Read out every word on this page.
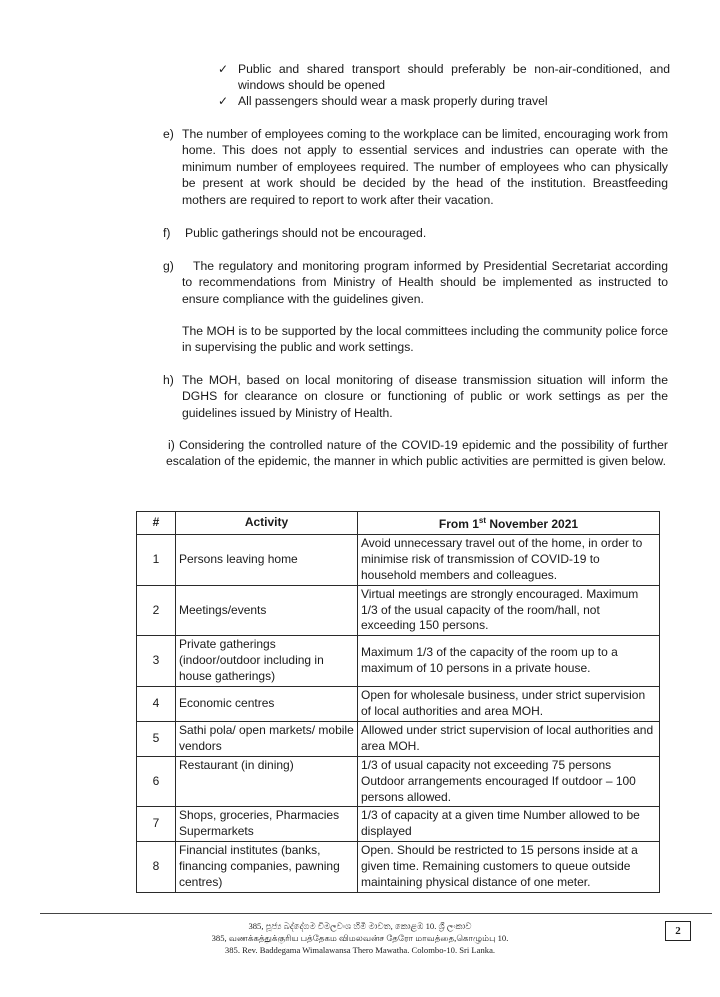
✓ Public and shared transport should preferably be non-air-conditioned, and windows should be opened
✓ All passengers should wear a mask properly during travel
e) The number of employees coming to the workplace can be limited, encouraging work from home. This does not apply to essential services and industries can operate with the minimum number of employees required. The number of employees who can physically be present at work should be decided by the head of the institution. Breastfeeding mothers are required to report to work after their vacation.
f) Public gatherings should not be encouraged.
g)	The regulatory and monitoring program informed by Presidential Secretariat according to recommendations from Ministry of Health should be implemented as instructed to ensure compliance with the guidelines given.
The MOH is to be supported by the local committees including the community police force in supervising the public and work settings.
h) The MOH, based on local monitoring of disease transmission situation will inform the DGHS for clearance on closure or functioning of public or work settings as per the guidelines issued by Ministry of Health.
i) Considering the controlled nature of the COVID-19 epidemic and the possibility of further escalation of the epidemic, the manner in which public activities are permitted is given below.
#	Activity	From 1st November 2021
1	Persons leaving home	Avoid unnecessary travel out of the home, in order to minimise risk of transmission of COVID-19 to household members and colleagues.
2	Meetings/events	Virtual meetings are strongly encouraged. Maximum 1/3 of the usual capacity of the room/hall, not exceeding 150 persons.
3	Private gatherings (indoor/outdoor including in house gatherings)	Maximum 1/3 of the capacity of the room up to a maximum of 10 persons in a private house.
4	Economic centres	Open for wholesale business, under strict supervision of local authorities and area MOH.
5	Sathi pola/ open markets/ mobile vendors	Allowed under strict supervision of local authorities and area MOH.
6	Restaurant (in dining)	1/3 of usual capacity not exceeding 75 persons Outdoor arrangements encouraged If outdoor – 100 persons allowed.
7	Shops, groceries, Pharmacies Supermarkets	1/3 of capacity at a given time Number allowed to be displayed
8	Financial institutes (banks, financing companies, pawning centres)	Open. Should be restricted to 15 persons inside at a given time. Remaining customers to queue outside maintaining physical distance of one meter.
385, පූජ්‍ය බද්දේගම විමලවංශ හිමි මාවත, කොළඹ 10. ශ්‍රී ලංකාව
385, வணக்கத்துக்குரிய பத்தேகம விமலவன்ச தேரோ மாவத்தை,கொழும்பு 10.
385. Rev. Baddegama Wimalawansa Thero Mawatha. Colombo-10. Sri Lanka.
2
